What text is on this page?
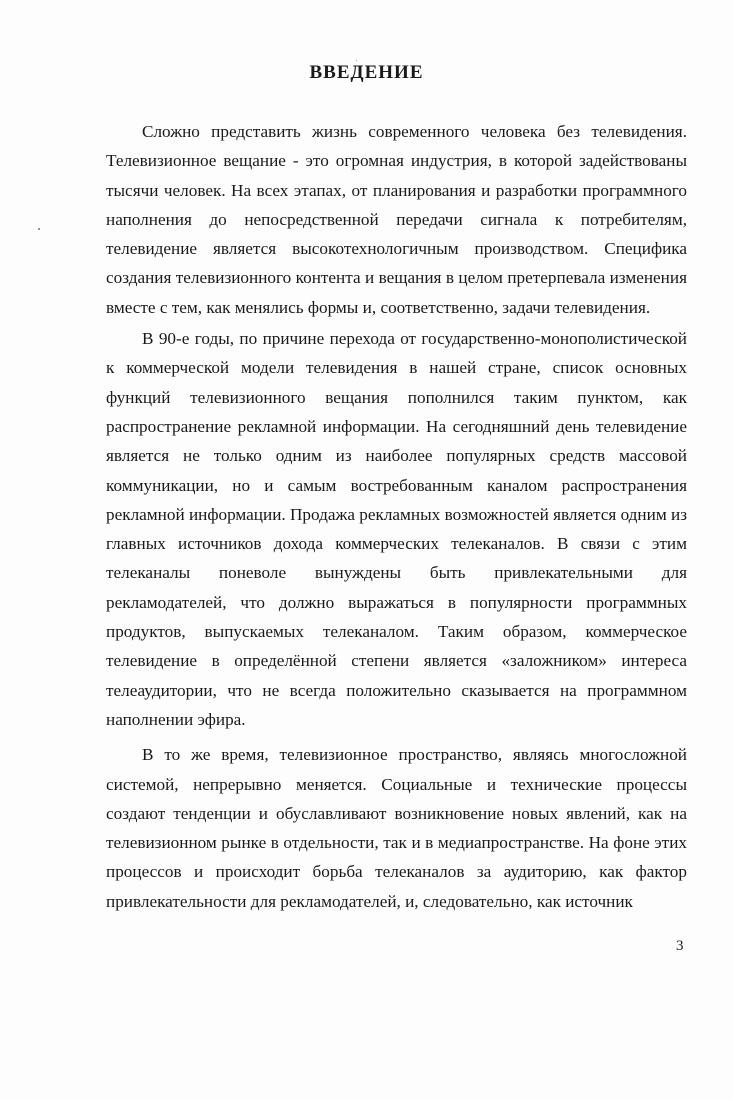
ВВЕДЕНИЕ

Сложно представить жизнь современного человека без телевидения. Телевизионное вещание - это огромная индустрия, в которой задействованы тысячи человек. На всех этапах, от планирования и разработки программного наполнения до непосредственной передачи сигнала к потребителям, телевидение является высокотехнологичным производством. Специфика создания телевизионного контента и вещания в целом претерпевала изменения вместе с тем, как менялись формы и, соответственно, задачи телевидения.

В 90-е годы, по причине перехода от государственно-монополистической к коммерческой модели телевидения в нашей стране, список основных функций телевизионного вещания пополнился таким пунктом, как распространение рекламной информации. На сегодняшний день телевидение является не только одним из наиболее популярных средств массовой коммуникации, но и самым востребованным каналом распространения рекламной информации. Продажа рекламных возможностей является одним из главных источников дохода коммерческих телеканалов. В связи с этим телеканалы поневоле вынуждены быть привлекательными для рекламодателей, что должно выражаться в популярности программных продуктов, выпускаемых телеканалом. Таким образом, коммерческое телевидение в определённой степени является «заложником» интереса телеаудитории, что не всегда положительно сказывается на программном наполнении эфира.

В то же время, телевизионное пространство, являясь многосложной системой, непрерывно меняется. Социальные и технические процессы создают тенденции и обуславливают возникновение новых явлений, как на телевизионном рынке в отдельности, так и в медиапространстве. На фоне этих процессов и происходит борьба телеканалов за аудиторию, как фактор привлекательности для рекламодателей, и, следовательно, как источник

3
